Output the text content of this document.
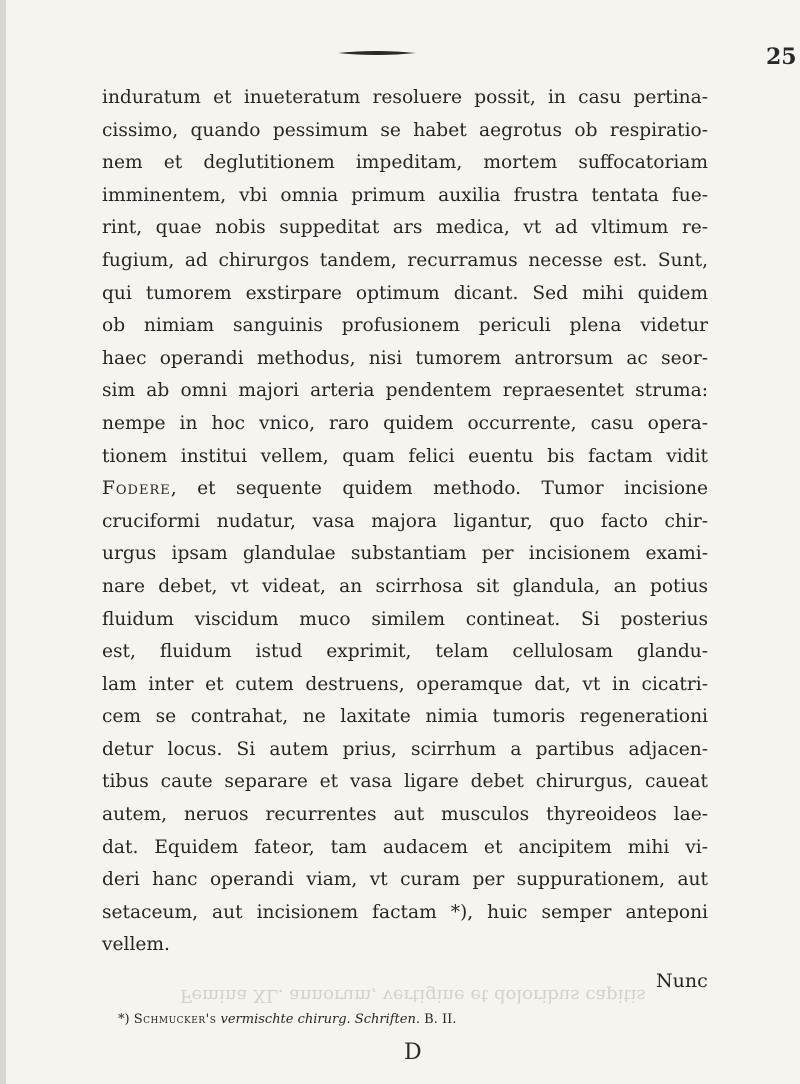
25
induratum et inueteratum resoluere possit, in casu pertina-
cissimo, quando pessimum se habet aegrotus ob respiratio-
nem et deglutitionem impeditam, mortem suffocatoriam
imminentem, vbi omnia primum auxilia frustra tentata fue-
rint, quae nobis suppeditat ars medica, vt ad vltimum re-
fugium, ad chirurgos tandem, recurramus necesse est. Sunt,
qui tumorem exstirpare optimum dicant. Sed mihi quidem
ob nimiam sanguinis profusionem periculi plena videtur
haec operandi methodus, nisi tumorem antrorsum ac seor-
sim ab omni majori arteria pendentem repraesentet struma:
nempe in hoc vnico, raro quidem occurrente, casu opera-
tionem institui vellem, quam felici euentu bis factam vidit
Fodere, et sequente quidem methodo. Tumor incisione
cruciformi nudatur, vasa majora ligantur, quo facto chir-
urgus ipsam glandulae substantiam per incisionem exami-
nare debet, vt videat, an scirrhosa sit glandula, an potius
fluidum viscidum muco similem contineat. Si posterius
est, fluidum istud exprimit, telam cellulosam glandu-
lam inter et cutem destruens, operamque dat, vt in cicatri-
cem se contrahat, ne laxitate nimia tumoris regenerationi
detur locus. Si autem prius, scirrhum a partibus adjacen-
tibus caute separare et vasa ligare debet chirurgus, caueat
autem, neruos recurrentes aut musculos thyreoideos lae-
dat. Equidem fateor, tam audacem et ancipitem mihi vi-
deri hanc operandi viam, vt curam per suppurationem, aut
setaceum, aut incisionem factam *), huic semper anteponi
vellem.
Femina XL. annorum, vertigine et doloribus capitis
Nunc
*) Schmucker's vermischte chirurg. Schriften. B. II.
D
